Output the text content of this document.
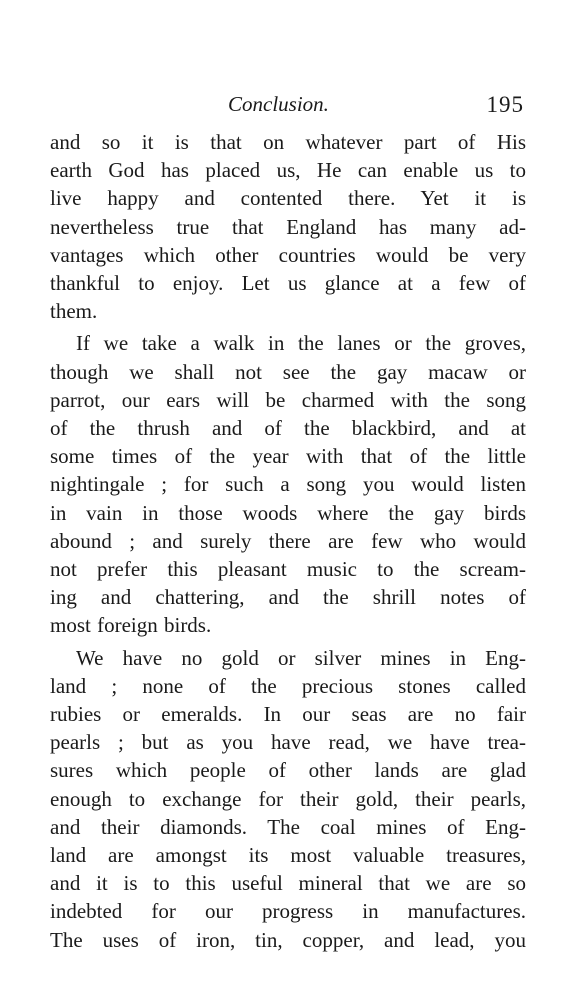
Conclusion.	195

and so it is that on whatever part of His
earth God has placed us, He can enable us to
live happy and contented there. Yet it is
nevertheless true that England has many ad-
vantages which other countries would be very
thankful to enjoy. Let us glance at a few of
them.

If we take a walk in the lanes or the groves,
though we shall not see the gay macaw or
parrot, our ears will be charmed with the song
of the thrush and of the blackbird, and at
some times of the year with that of the little
nightingale ; for such a song you would listen
in vain in those woods where the gay birds
abound ; and surely there are few who would
not prefer this pleasant music to the scream-
ing and chattering, and the shrill notes of
most foreign birds.

We have no gold or silver mines in Eng-
land ; none of the precious stones called
rubies or emeralds. In our seas are no fair
pearls ; but as you have read, we have trea-
sures which people of other lands are glad
enough to exchange for their gold, their pearls,
and their diamonds. The coal mines of Eng-
land are amongst its most valuable treasures,
and it is to this useful mineral that we are so
indebted for our progress in manufactures.
The uses of iron, tin, copper, and lead, you
